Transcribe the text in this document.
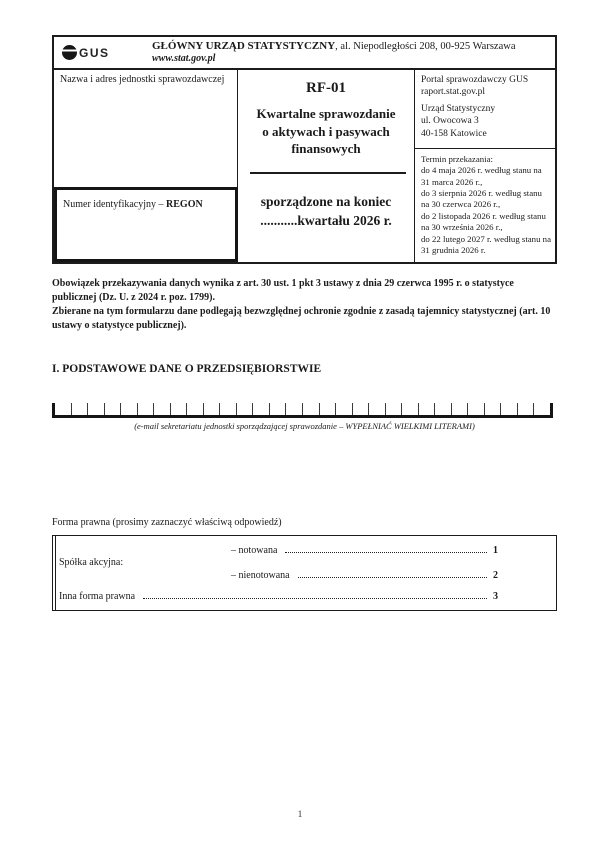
GUS	GŁÓWNY URZĄD STATYSTYCZNY, al. Niepodległości 208, 00-925 Warszawa
www.stat.gov.pl
Nazwa i adres jednostki sprawozdawczej
Numer identyfikacyjny – REGON
RF-01
Kwartalne sprawozdanie o aktywach i pasywach finansowych
sporządzone na koniec
...........kwartału 2026 r.
Portal sprawozdawczy GUS
raport.stat.gov.pl
Urząd Statystyczny
ul. Owocowa 3
40-158 Katowice
Termin przekazania:
do 4 maja 2026 r. według stanu na 31 marca 2026 r.,
do 3 sierpnia 2026 r. według stanu na 30 czerwca 2026 r.,
do 2 listopada 2026 r. według stanu na 30 września 2026 r.,
do 22 lutego 2027 r. według stanu na 31 grudnia 2026 r.

Obowiązek przekazywania danych wynika z art. 30 ust. 1 pkt 3 ustawy z dnia 29 czerwca 1995 r. o statystyce publicznej (Dz. U. z 2024 r. poz. 1799).
Zbierane na tym formularzu dane podlegają bezwzględnej ochronie zgodnie z zasadą tajemnicy statystycznej (art. 10 ustawy o statystyce publicznej).

I. PODSTAWOWE DANE O PRZEDSIĘBIORSTWIE
(e-mail sekretariatu jednostki sporządzającej sprawozdanie – WYPEŁNIAĆ WIELKIMI LITERAMI)
Forma prawna (prosimy zaznaczyć właściwą odpowiedź)
Spółka akcyjna:
– notowana	1
– nienotowana	2
Inna forma prawna	3
1
